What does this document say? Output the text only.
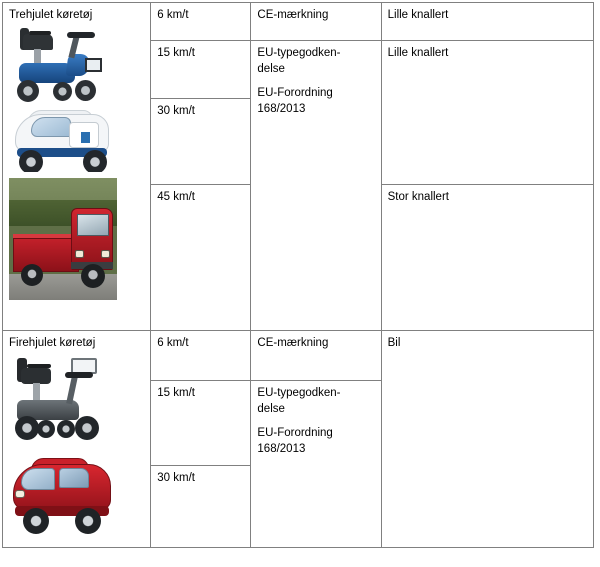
Trehjulet køretøj	6 km/t	CE-mærkning	Lille knallert
	15 km/t	EU-typegodken-
delse
EU-Forordning
168/2013	Lille knallert
	30 km/t		
	45 km/t		Stor knallert

Firehjulet køretøj	6 km/t	CE-mærkning	Bil
	15 km/t	EU-typegodken-
delse
EU-Forordning
168/2013	

	30 km/t		
